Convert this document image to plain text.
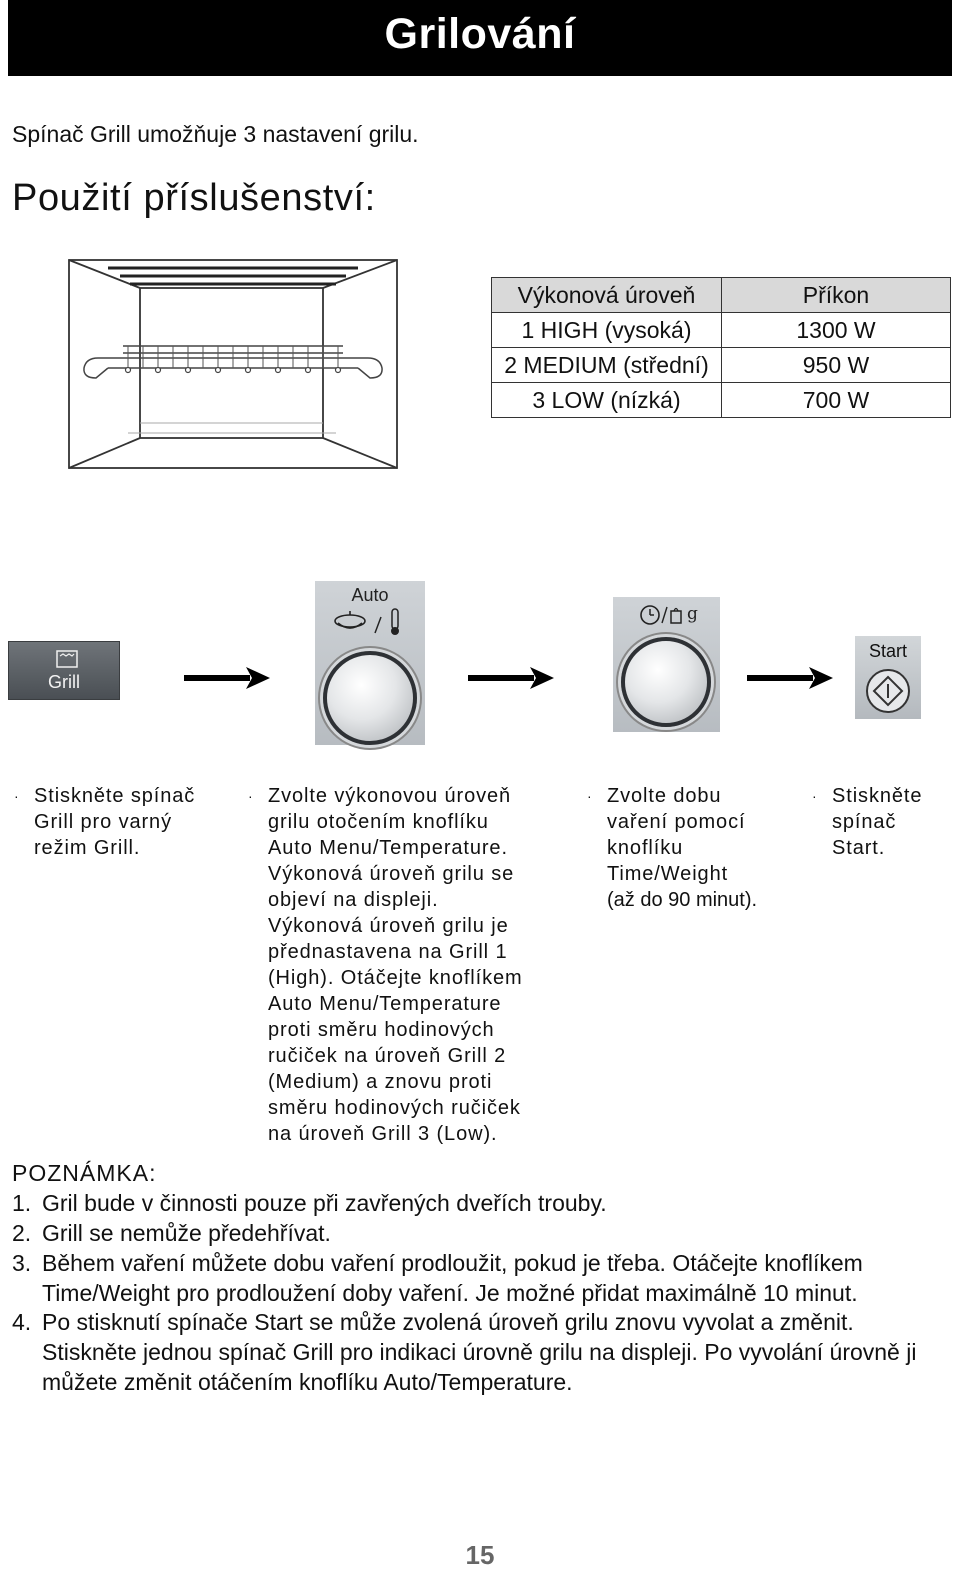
Grilování
Spínač Grill umožňuje 3 nastavení grilu.
Použití příslušenství:
Výkonová úroveň	Příkon
1 HIGH (vysoká)	1300 W
2 MEDIUM (střední)	950 W
3 LOW (nízká)	700 W
Grill
Auto
g
Start
· Stiskněte spínač
Grill pro varný
režim Grill.
· Zvolte výkonovou úroveň
grilu otočením knoflíku
Auto Menu/Temperature.
Výkonová úroveň grilu se
objeví na displeji.
Výkonová úroveň grilu je
přednastavena na Grill 1
(High). Otáčejte knoflíkem
Auto Menu/Temperature
proti směru hodinových
ručiček na úroveň Grill 2
(Medium) a znovu proti
směru hodinových ručiček
na úroveň Grill 3 (Low).
· Zvolte dobu
vaření pomocí
knoflíku
Time/Weight
(až do 90 minut).
· Stiskněte
spínač
Start.
POZNÁMKA:
1. Gril bude v činnosti pouze při zavřených dveřích trouby.
2. Grill se nemůže předehřívat.
3. Během vaření můžete dobu vaření prodloužit, pokud je třeba. Otáčejte knoflíkem Time/Weight pro prodloužení doby vaření. Je možné přidat maximálně 10 minut.
4. Po stisknutí spínače Start se může zvolená úroveň grilu znovu vyvolat a změnit. Stiskněte jednou spínač Grill pro indikaci úrovně grilu na displeji. Po vyvolání úrovně ji můžete změnit otáčením knoflíku Auto/Temperature.
15
